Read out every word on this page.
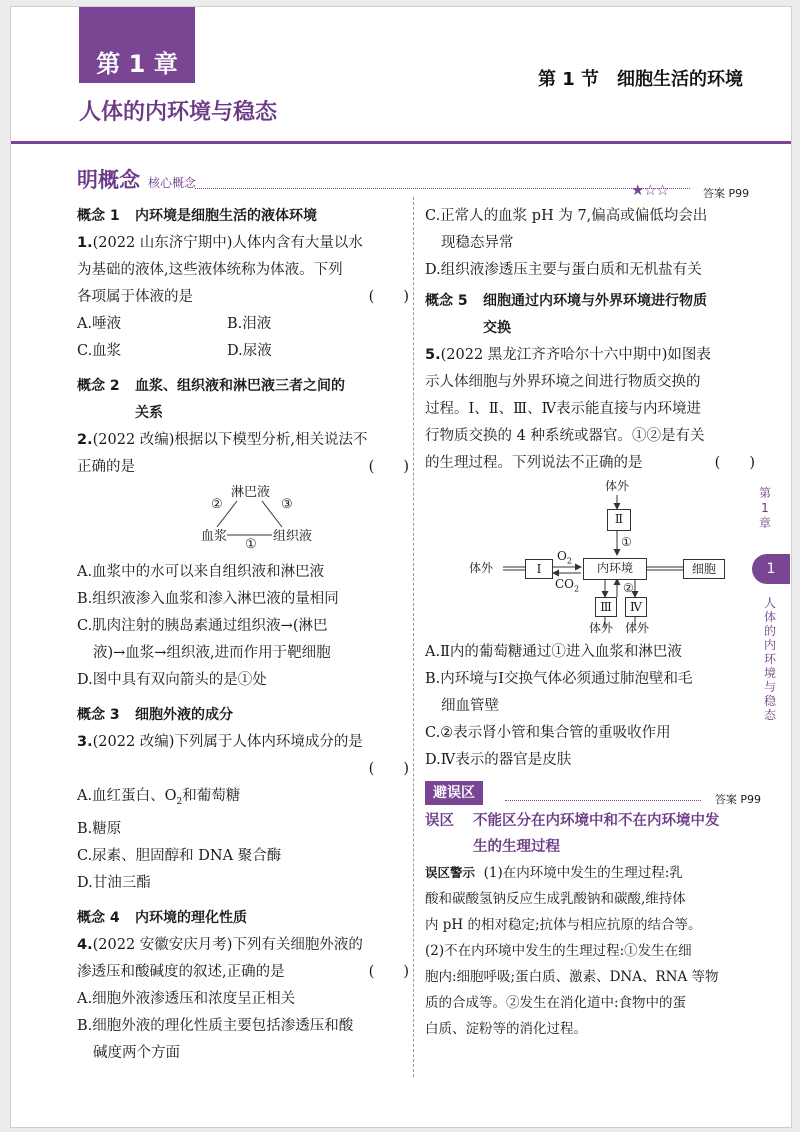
第 1 章
人体的内环境与稳态
第 1 节　细胞生活的环境
★☆☆	答案 P99
明概念 核心概念
概念 1 内环境是细胞生活的液体环境
1.(2022 山东济宁期中)人体内含有大量以水
为基础的液体,这些液体统称为体液。下列
各项属于体液的是	(　　)
A.唾液	B.泪液
C.血浆	D.尿液
概念 2 血浆、组织液和淋巴液三者之间的
关系
2.(2022 改编)根据以下模型分析,相关说法不
正确的是	(　　)
淋巴液
血浆	组织液
②	③
①
A.血浆中的水可以来自组织液和淋巴液
B.组织液渗入血浆和渗入淋巴液的量相同
C.肌肉注射的胰岛素通过组织液→(淋巴
液)→血浆→组织液,进而作用于靶细胞
D.图中具有双向箭头的是①处
概念 3 细胞外液的成分
3.(2022 改编)下列属于人体内环境成分的是
(　　)
A.血红蛋白、$O_2$和葡萄糖
B.糖原
C.尿素、胆固醇和 DNA 聚合酶
D.甘油三酯
概念 4 内环境的理化性质
4.(2022 安徽安庆月考)下列有关细胞外液的
渗透压和酸碱度的叙述,正确的是	(　　)
A.细胞外液渗透压和浓度呈正相关
B.细胞外液的理化性质主要包括渗透压和酸
碱度两个方面
C.正常人的血浆 pH 为 7,偏高或偏低均会出
现稳态异常
D.组织液渗透压主要与蛋白质和无机盐有关
概念 5 细胞通过内环境与外界环境进行物质
交换
5.(2022 黑龙江齐齐哈尔十六中期中)如图表
示人体细胞与外界环境之间进行物质交换的
过程。Ⅰ、Ⅱ、Ⅲ、Ⅳ表示能直接与内环境进
行物质交换的 4 种系统或器官。①②是有关
的生理过程。下列说法不正确的是	(　　)
体外
Ⅱ
①
体外	Ⅰ
$O_2$
$CO_2$
内环境	细胞
②
Ⅲ	Ⅳ
体外 体外
A.Ⅱ内的葡萄糖通过①进入血浆和淋巴液
B.内环境与Ⅰ交换气体必须通过肺泡壁和毛
细血管壁
C.②表示肾小管和集合管的重吸收作用
D.Ⅳ表示的器官是皮肤
避误区	答案 P99
误区 不能区分在内环境中和不在内环境中发
生的生理过程
误区警示 (1)在内环境中发生的生理过程:乳
酸和碳酸氢钠反应生成乳酸钠和碳酸,维持体
内 pH 的相对稳定;抗体与相应抗原的结合等。
(2)不在内环境中发生的生理过程:①发生在细
胞内:细胞呼吸;蛋白质、激素、DNA、RNA 等物
质的合成等。②发生在消化道中:食物中的蛋
白质、淀粉等的消化过程。
第1章
1
人体的内环境与稳态
